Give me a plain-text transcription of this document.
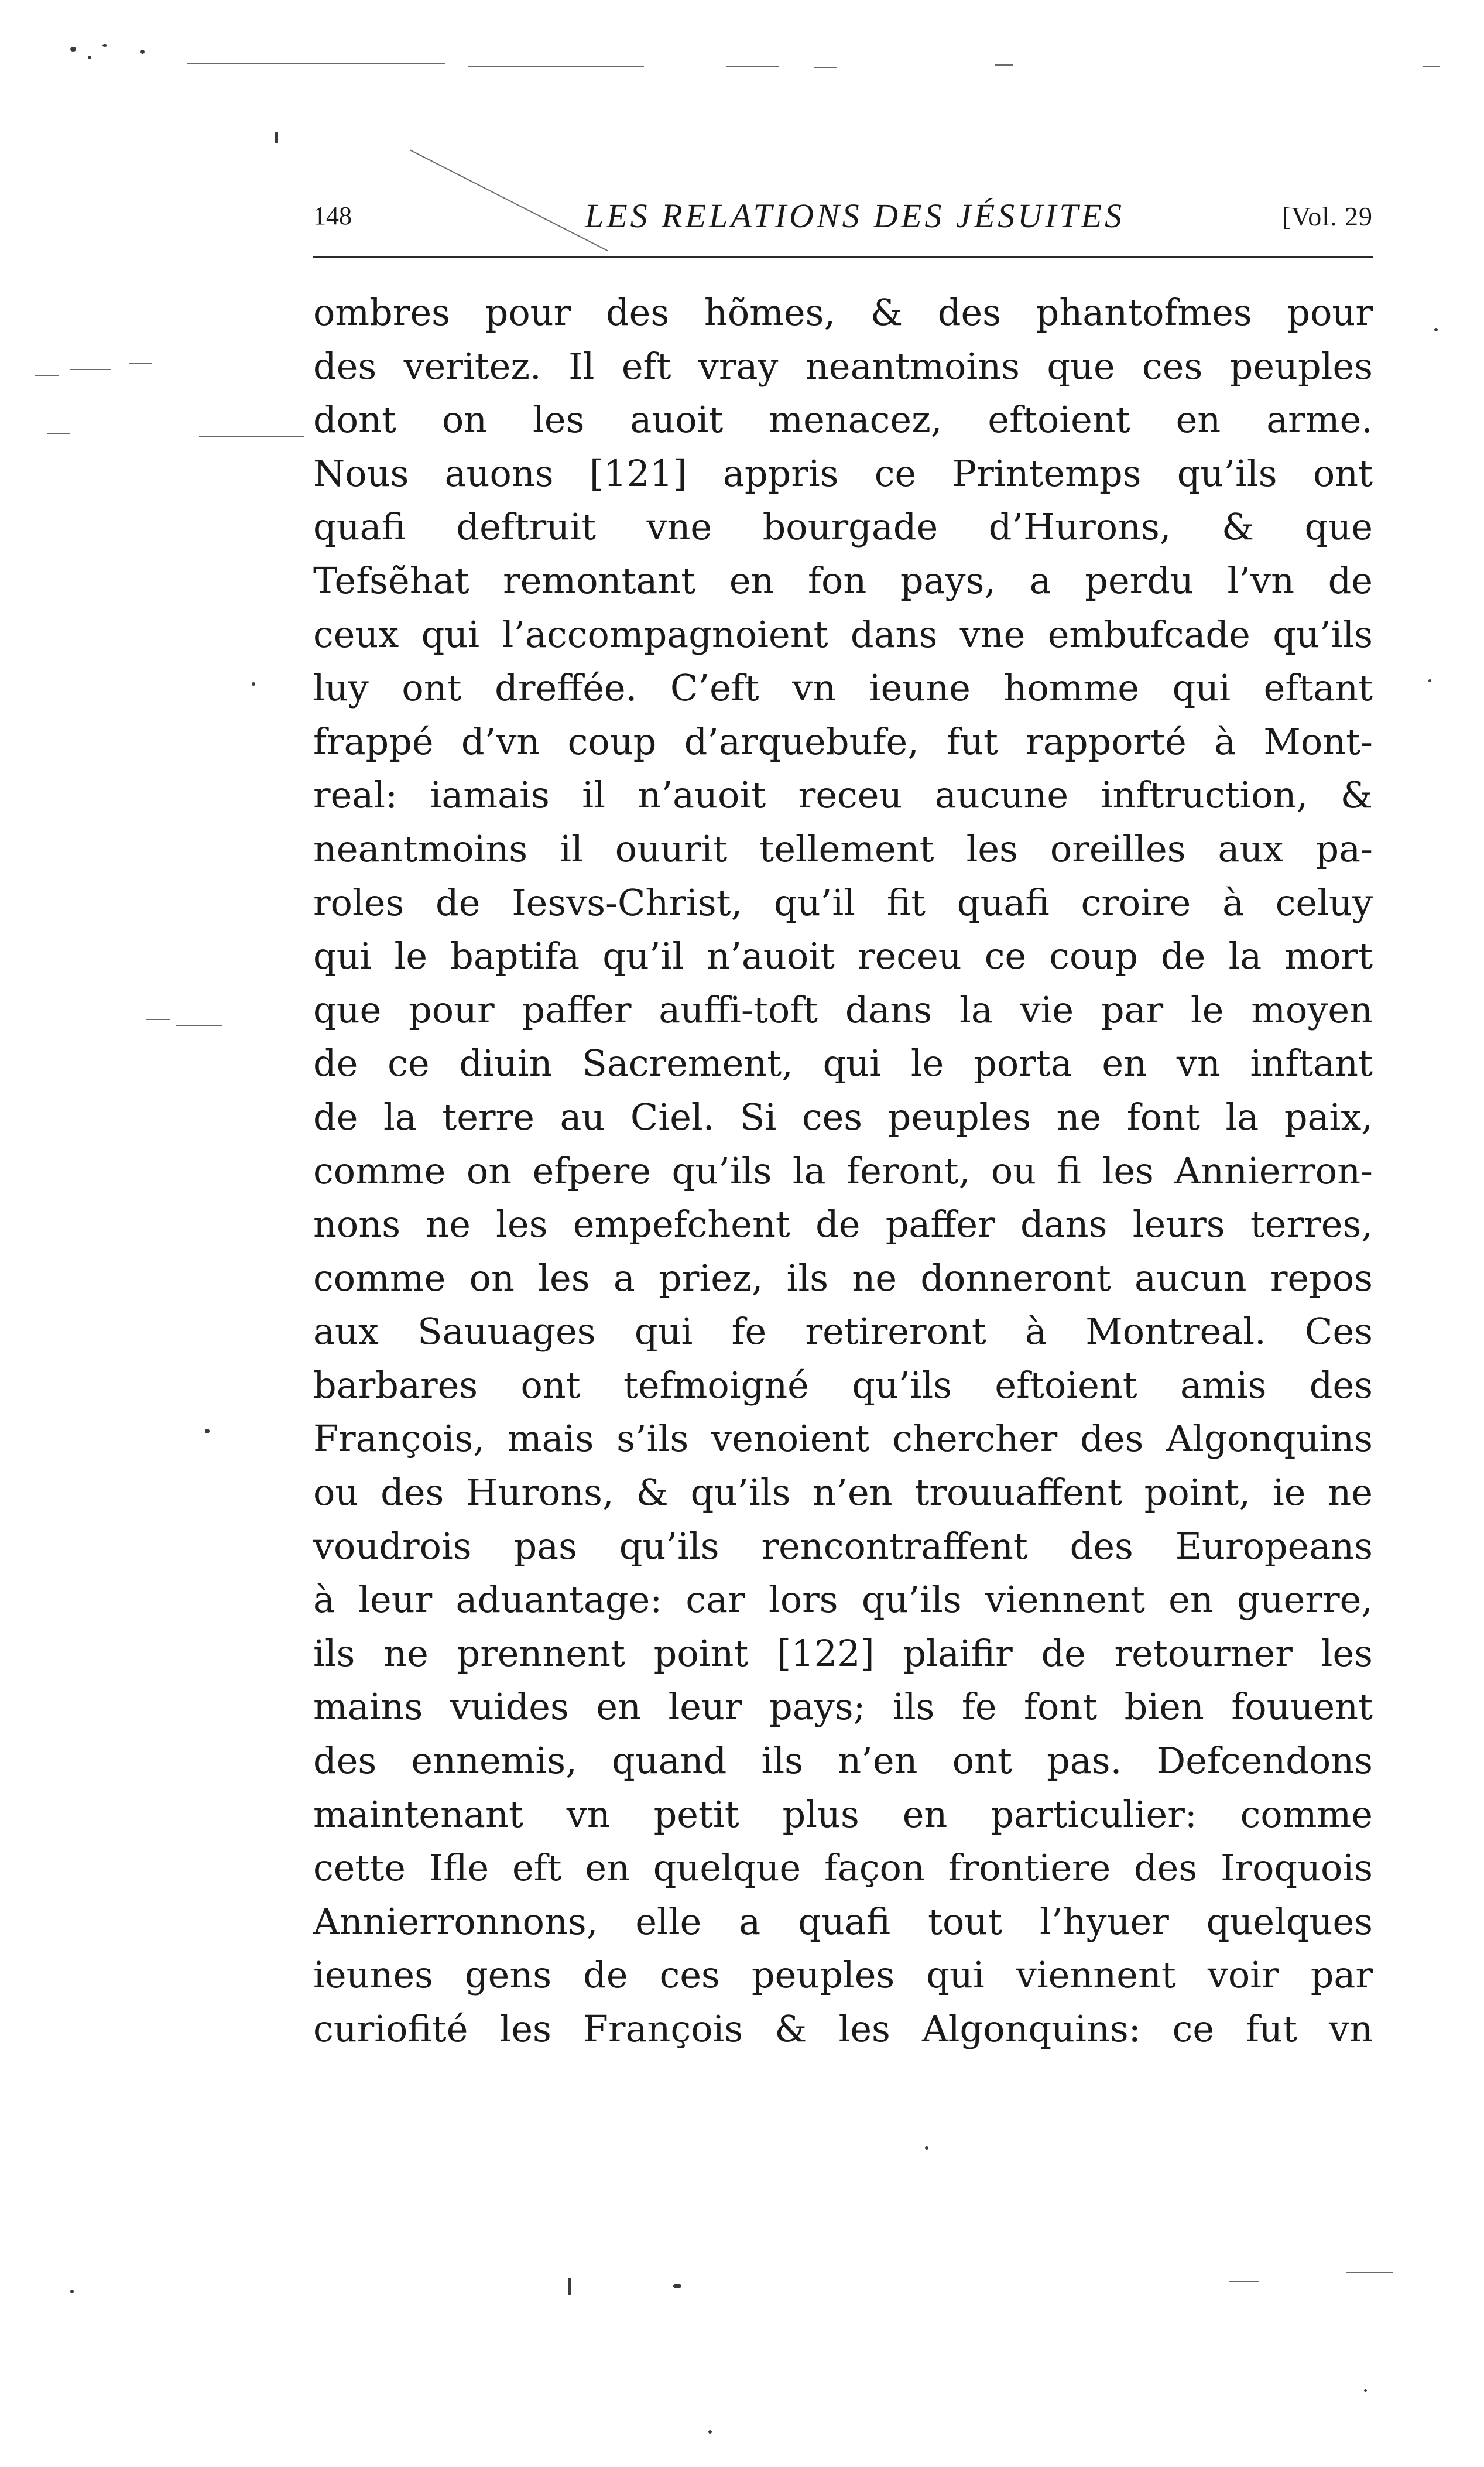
148	LES RELATIONS DES JÉSUITES	[Vol. 29
ombres pour des hõmes, & des phantofmes pour
des veritez. Il eft vray neantmoins que ces peuples
dont on les auoit menacez, eftoient en arme.
Nous auons [121] appris ce Printemps qu’ils ont
quafi deftruit vne bourgade d’Hurons, & que
Tefsẽhat remontant en fon pays, a perdu l’vn de
ceux qui l’accompagnoient dans vne embufcade qu’ils
luy ont dreffée. C’eft vn ieune homme qui eftant
frappé d’vn coup d’arquebufe, fut rapporté à Mont-
real: iamais il n’auoit receu aucune inftruction, &
neantmoins il ouurit tellement les oreilles aux pa-
roles de Iesvs-Christ, qu’il fit quafi croire à celuy
qui le baptifa qu’il n’auoit receu ce coup de la mort
que pour paffer auffi-toft dans la vie par le moyen
de ce diuin Sacrement, qui le porta en vn inftant
de la terre au Ciel. Si ces peuples ne font la paix,
comme on efpere qu’ils la feront, ou fi les Annierron-
nons ne les empefchent de paffer dans leurs terres,
comme on les a priez, ils ne donneront aucun repos
aux Sauuages qui fe retireront à Montreal. Ces
barbares ont tefmoigné qu’ils eftoient amis des
François, mais s’ils venoient chercher des Algonquins
ou des Hurons, & qu’ils n’en trouuaffent point, ie ne
voudrois pas qu’ils rencontraffent des Europeans
à leur aduantage: car lors qu’ils viennent en guerre,
ils ne prennent point [122] plaifir de retourner les
mains vuides en leur pays; ils fe font bien fouuent
des ennemis, quand ils n’en ont pas. Defcendons
maintenant vn petit plus en particulier: comme
cette Ifle eft en quelque façon frontiere des Iroquois
Annierronnons, elle a quafi tout l’hyuer quelques
ieunes gens de ces peuples qui viennent voir par
curiofité les François & les Algonquins: ce fut vn
